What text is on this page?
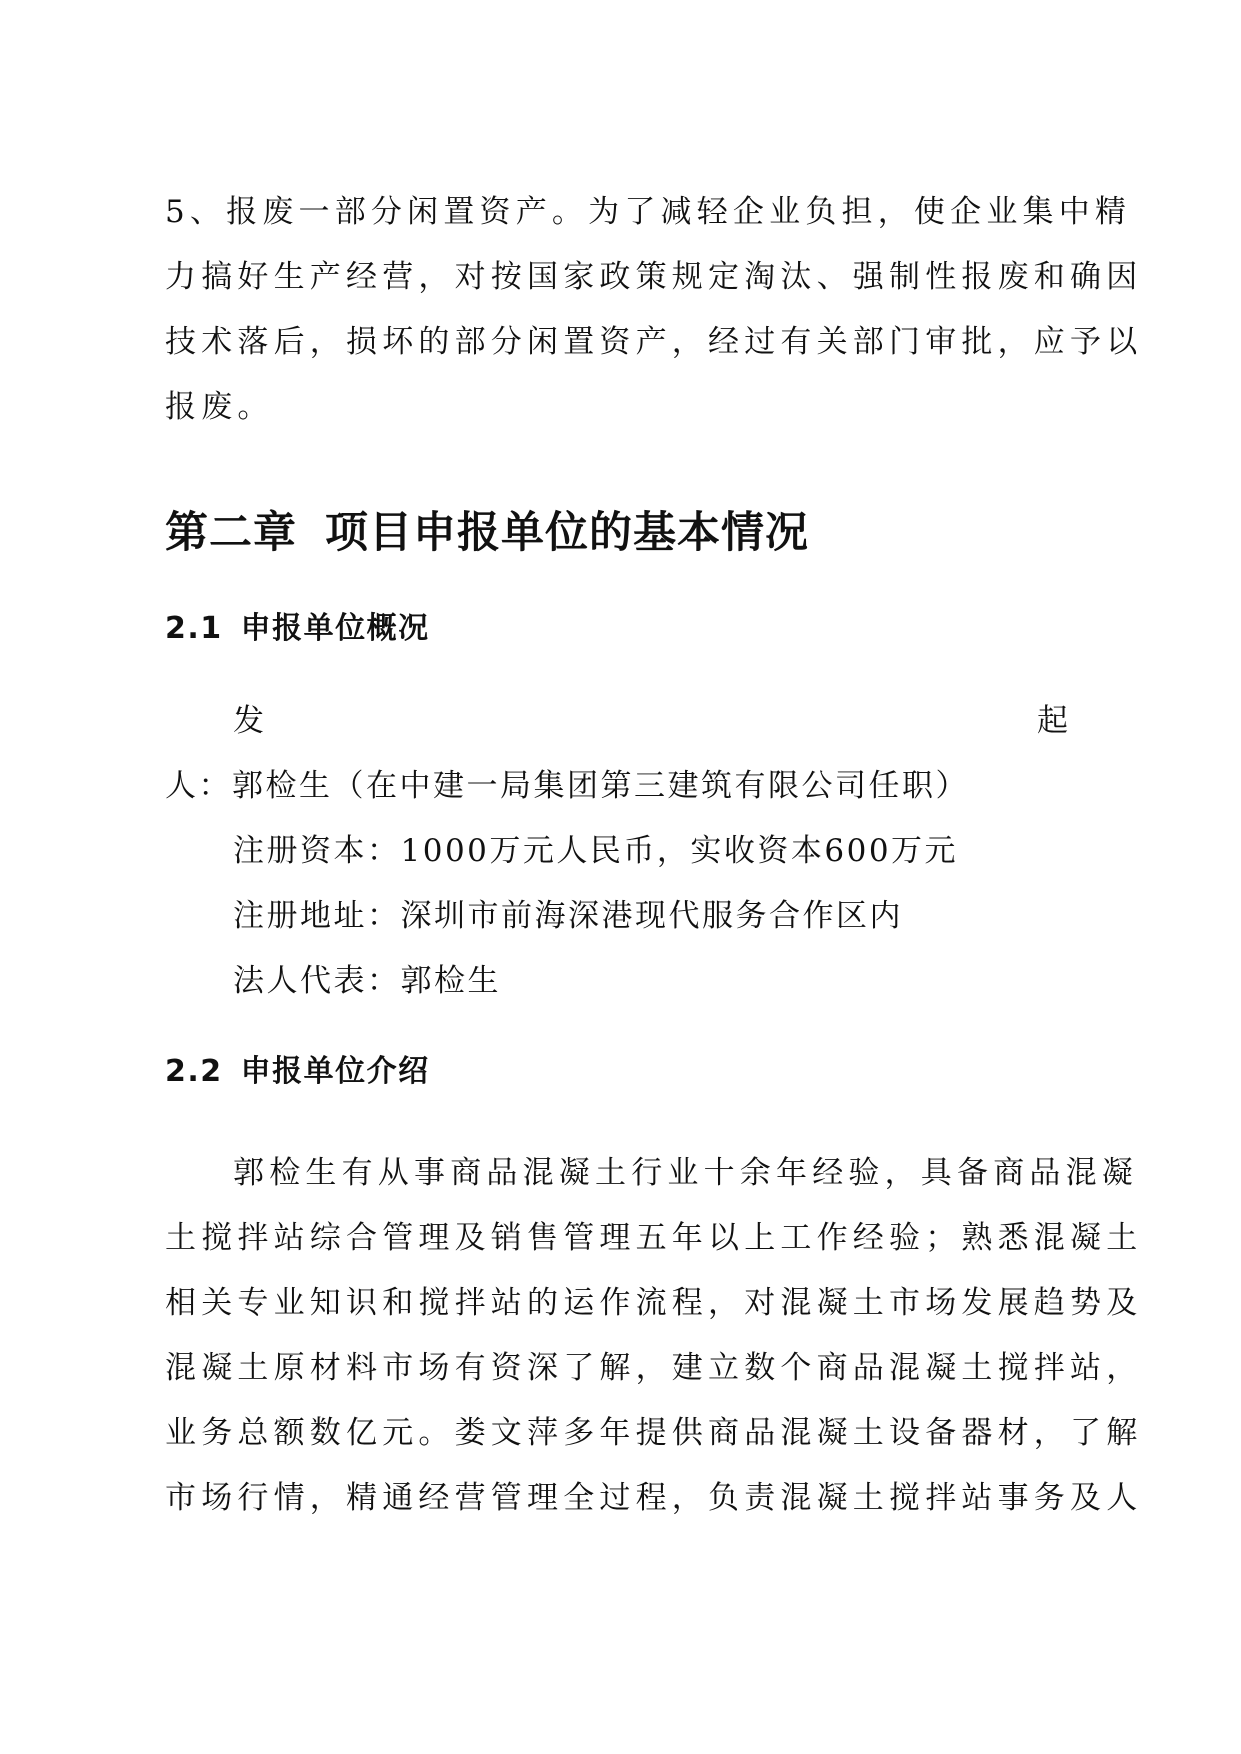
5、报废一部分闲置资产。为了减轻企业负担，使企业集中精
力搞好生产经营，对按国家政策规定淘汰、强制性报废和确因
技术落后，损坏的部分闲置资产，经过有关部门审批，应予以
报废。
第二章 项目申报单位的基本情况
2.1 申报单位概况
发	起
人：郭检生（在中建一局集团第三建筑有限公司任职）
注册资本：1000万元人民币，实收资本600万元
注册地址：深圳市前海深港现代服务合作区内
法人代表：郭检生
2.2 申报单位介绍
郭检生有从事商品混凝土行业十余年经验，具备商品混凝
土搅拌站综合管理及销售管理五年以上工作经验；熟悉混凝土
相关专业知识和搅拌站的运作流程，对混凝土市场发展趋势及
混凝土原材料市场有资深了解，建立数个商品混凝土搅拌站，
业务总额数亿元。娄文萍多年提供商品混凝土设备器材，了解
市场行情，精通经营管理全过程，负责混凝土搅拌站事务及人
